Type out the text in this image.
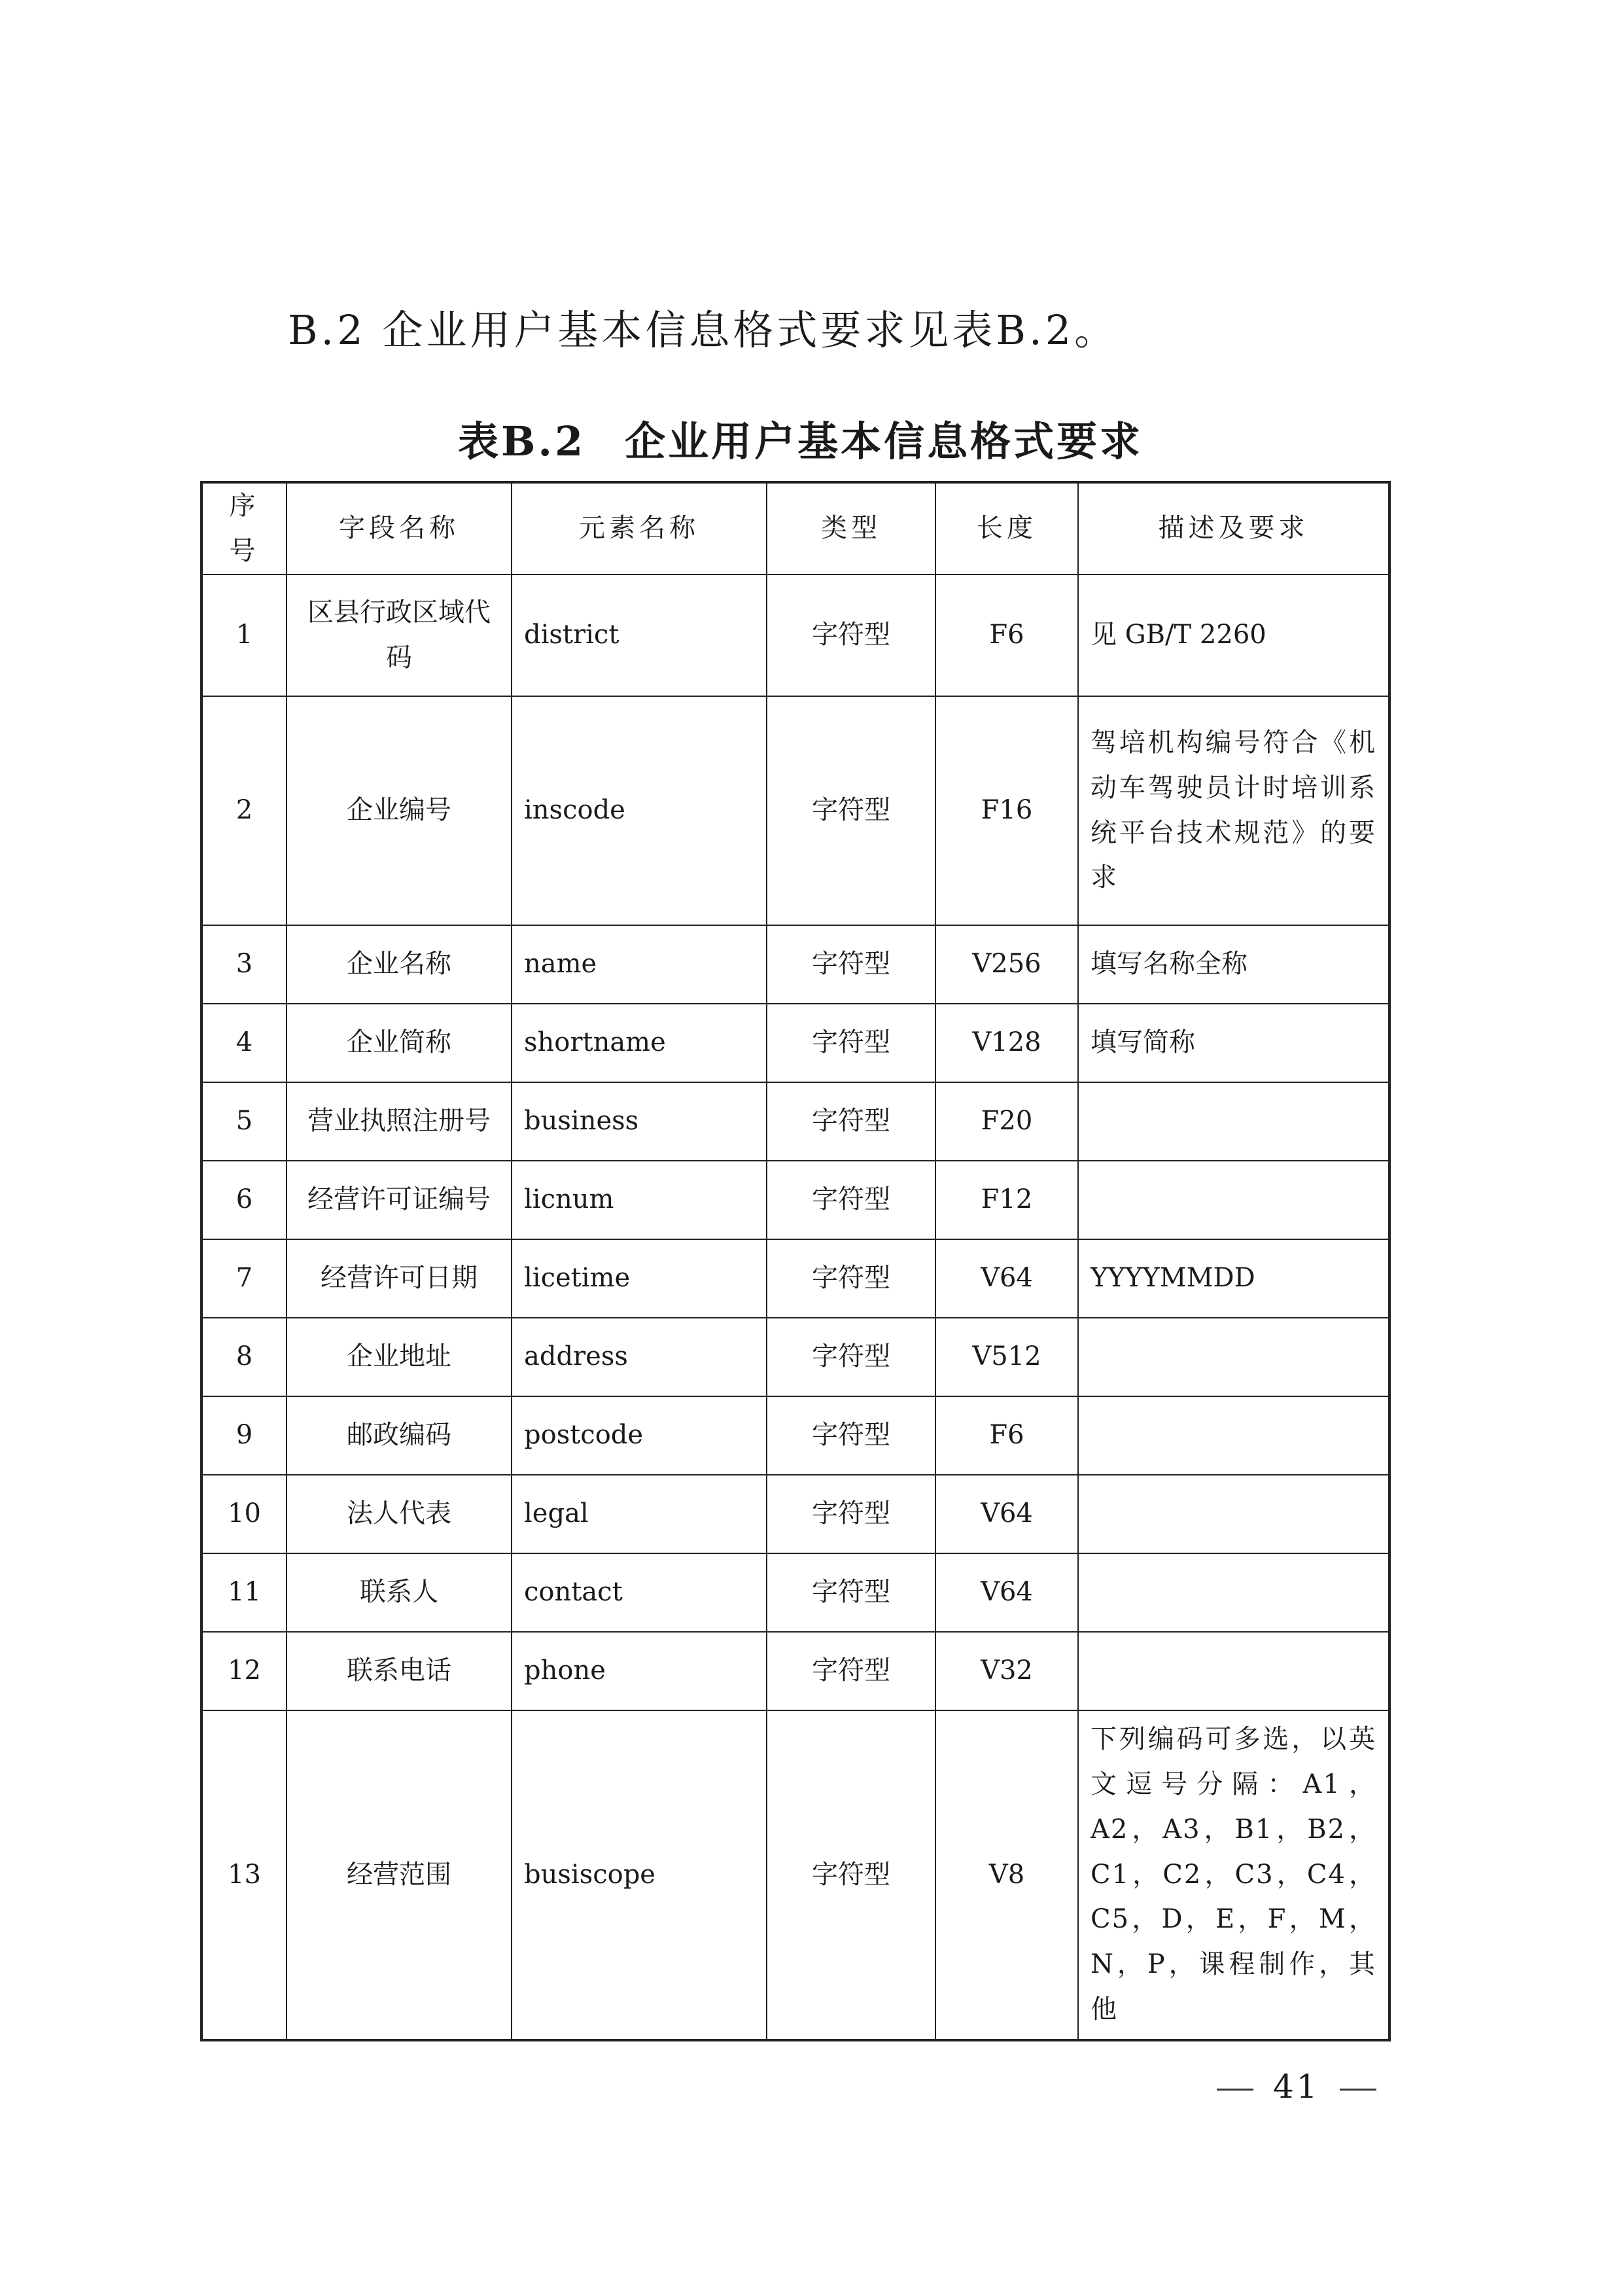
B.2 企业用户基本信息格式要求见表B.2。
表B.2 企业用户基本信息格式要求
序号	字段名称	元素名称	类型	长度	描述及要求
1	区县行政区域代码	district	字符型	F6	见 GB/T 2260
2	企业编号	inscode	字符型	F16	驾培机构编号符合《机动车驾驶员计时培训系统平台技术规范》的要求
3	企业名称	name	字符型	V256	填写名称全称
4	企业简称	shortname	字符型	V128	填写简称
5	营业执照注册号	business	字符型	F20	
6	经营许可证编号	licnum	字符型	F12	
7	经营许可日期	licetime	字符型	V64	YYYYMMDD
8	企业地址	address	字符型	V512	
9	邮政编码	postcode	字符型	F6	
10	法人代表	legal	字符型	V64	
11	联系人	contact	字符型	V64	
12	联系电话	phone	字符型	V32	
13	经营范围	busiscope	字符型	V8	下列编码可多选，以英文逗号分隔：A1，A2，A3，B1，B2，C1，C2，C3，C4，C5，D，E，F，M，N，P，课程制作，其他
41
